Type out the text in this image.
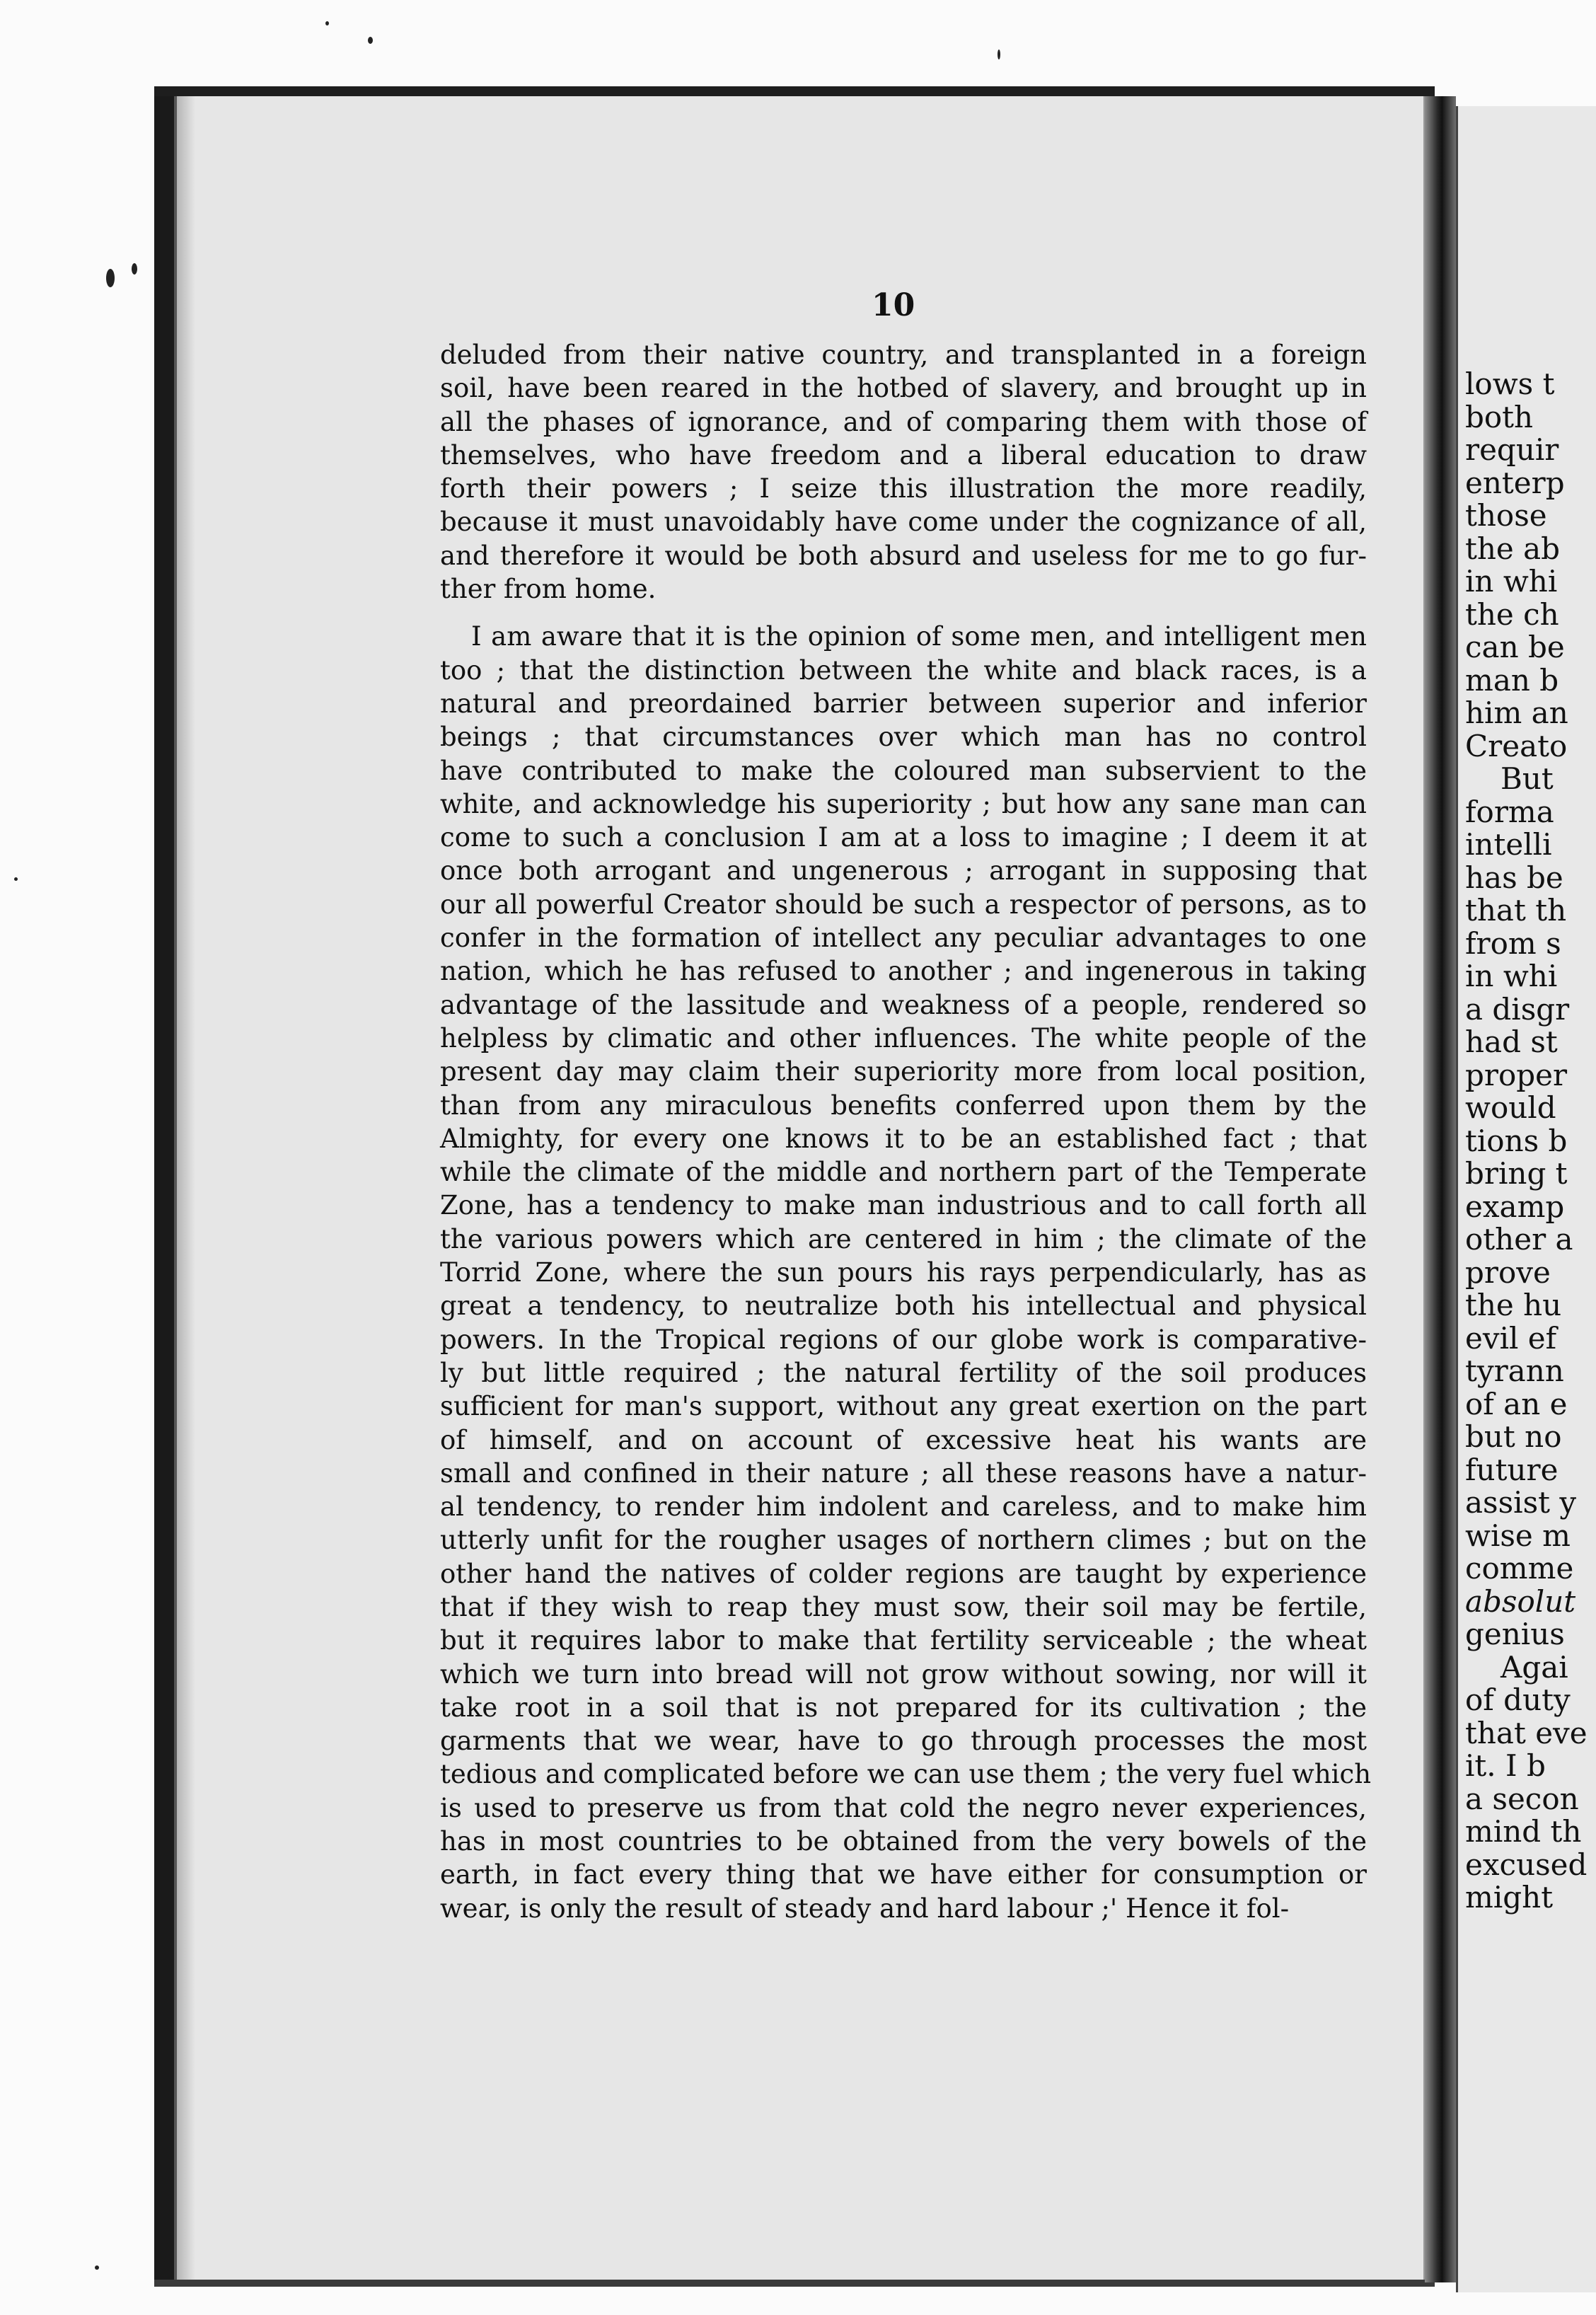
lows t
both
requir
enterp
those
the ab
in whi
the ch
can be
man b
him an
Creato
But
forma
intelli
has be
that th
from s
in whi
a disgr
had st
proper
would
tions b
bring t
examp
other a
prove
the hu
evil ef
tyrann
of an e
but no
future
assist y
wise m
comme
absolut
genius
Agai
of duty
that eve
it. I b
a secon
mind th
excused
might
10

deluded from their native country, and transplanted in a foreign
soil, have been reared in the hotbed of slavery, and brought up in
all the phases of ignorance, and of comparing them with those of
themselves, who have freedom and a liberal education to draw
forth their powers ; I seize this illustration the more readily,
because it must unavoidably have come under the cognizance of all,
and therefore it would be both absurd and useless for me to go fur-
ther from home.

I am aware that it is the opinion of some men, and intelligent men
too ; that the distinction between the white and black races, is a
natural and preordained barrier between superior and inferior
beings ; that circumstances over which man has no control
have contributed to make the coloured man subservient to the
white, and acknowledge his superiority ; but how any sane man can
come to such a conclusion I am at a loss to imagine ; I deem it at
once both arrogant and ungenerous ; arrogant in supposing that
our all powerful Creator should be such a respector of persons, as to
confer in the formation of intellect any peculiar advantages to one
nation, which he has refused to another ; and ingenerous in taking
advantage of the lassitude and weakness of a people, rendered so
helpless by climatic and other influences. The white people of the
present day may claim their superiority more from local position,
than from any miraculous benefits conferred upon them by the
Almighty, for every one knows it to be an established fact ; that
while the climate of the middle and northern part of the Temperate
Zone, has a tendency to make man industrious and to call forth all
the various powers which are centered in him ; the climate of the
Torrid Zone, where the sun pours his rays perpendicularly, has as
great a tendency, to neutralize both his intellectual and physical
powers. In the Tropical regions of our globe work is comparative-
ly but little required ; the natural fertility of the soil produces
sufficient for man's support, without any great exertion on the part
of himself, and on account of excessive heat his wants are
small and confined in their nature ; all these reasons have a natur-
al tendency, to render him indolent and careless, and to make him
utterly unfit for the rougher usages of northern climes ; but on the
other hand the natives of colder regions are taught by experience
that if they wish to reap they must sow, their soil may be fertile,
but it requires labor to make that fertility serviceable ; the wheat
which we turn into bread will not grow without sowing, nor will it
take root in a soil that is not prepared for its cultivation ; the
garments that we wear, have to go through processes the most
tedious and complicated before we can use them ; the very fuel which
is used to preserve us from that cold the negro never experiences,
has in most countries to be obtained from the very bowels of the
earth, in fact every thing that we have either for consumption or
wear, is only the result of steady and hard labour ;' Hence it fol-
